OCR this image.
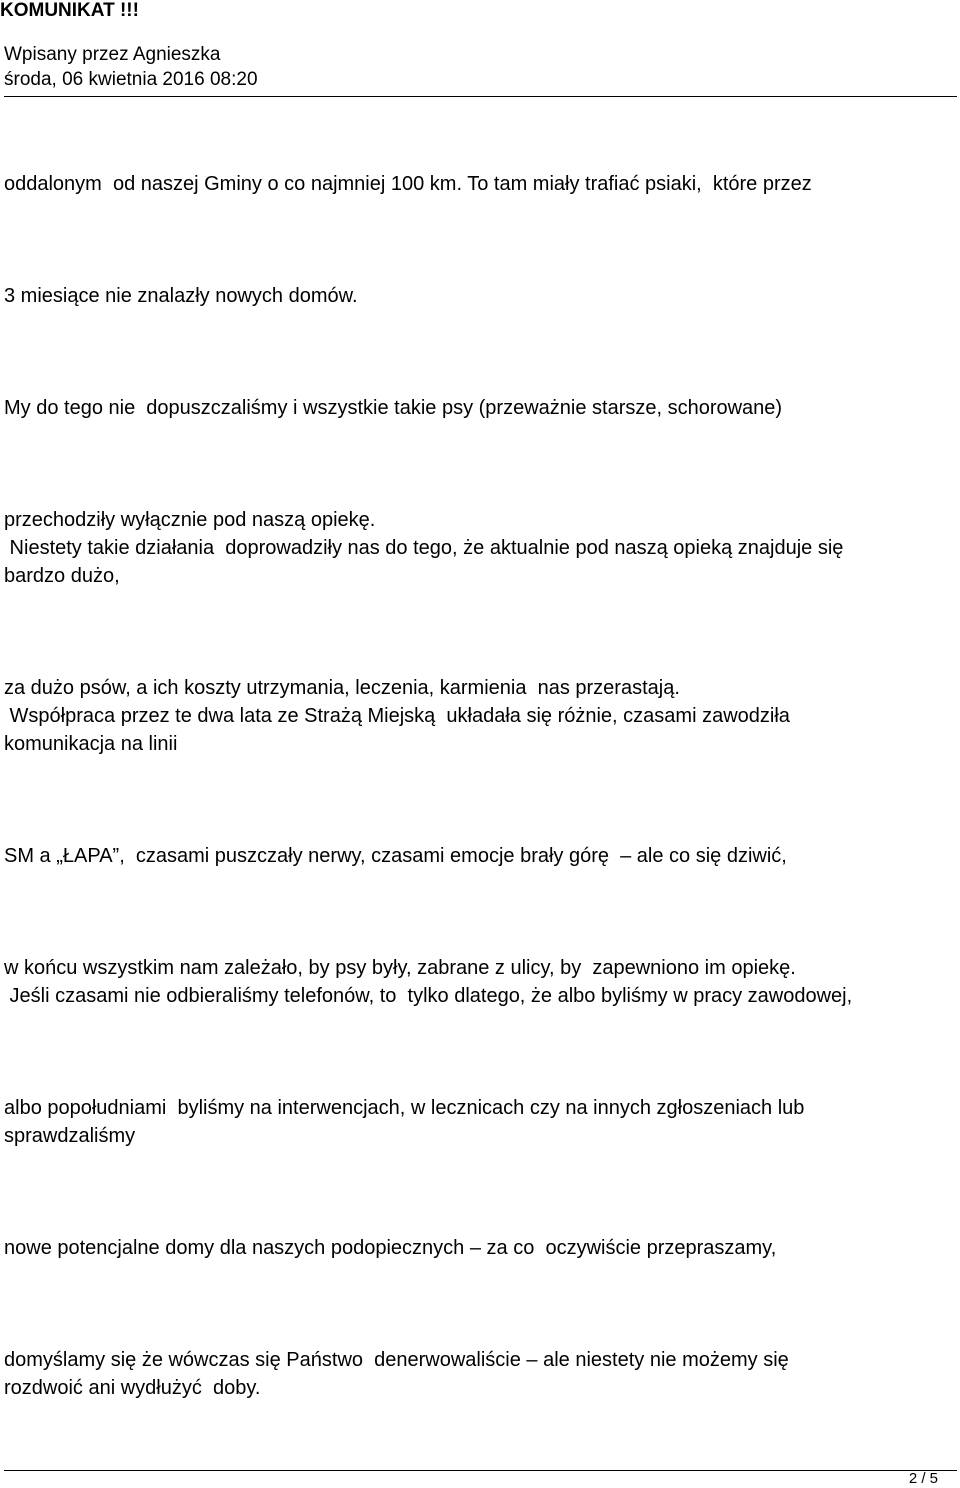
KOMUNIKAT !!!
Wpisany przez Agnieszka
środa, 06 kwietnia 2016 08:20
oddalonym  od naszej Gminy o co najmniej 100 km. To tam miały trafiać psiaki,  które przez
3 miesiące nie znalazły nowych domów.
My do tego nie  dopuszczaliśmy i wszystkie takie psy (przeważnie starsze, schorowane)
przechodziły wyłącznie pod naszą opiekę.
Niestety takie działania  doprowadziły nas do tego, że aktualnie pod naszą opieką znajduje się
bardzo dużo,
za dużo psów, a ich koszty utrzymania, leczenia, karmienia  nas przerastają.
Współpraca przez te dwa lata ze Strażą Miejską  układała się różnie, czasami zawodziła
komunikacja na linii
SM a „ŁAPA”,  czasami puszczały nerwy, czasami emocje brały górę  – ale co się dziwić,
w końcu wszystkim nam zależało, by psy były, zabrane z ulicy, by  zapewniono im opiekę.
Jeśli czasami nie odbieraliśmy telefonów, to  tylko dlatego, że albo byliśmy w pracy zawodowej,
albo popołudniami  byliśmy na interwencjach, w lecznicach czy na innych zgłoszeniach lub
sprawdzaliśmy
nowe potencjalne domy dla naszych podopiecznych – za co  oczywiście przepraszamy,
domyślamy się że wówczas się Państwo  denerwowaliście – ale niestety nie możemy się
rozdwoić ani wydłużyć  doby.
2 / 5
